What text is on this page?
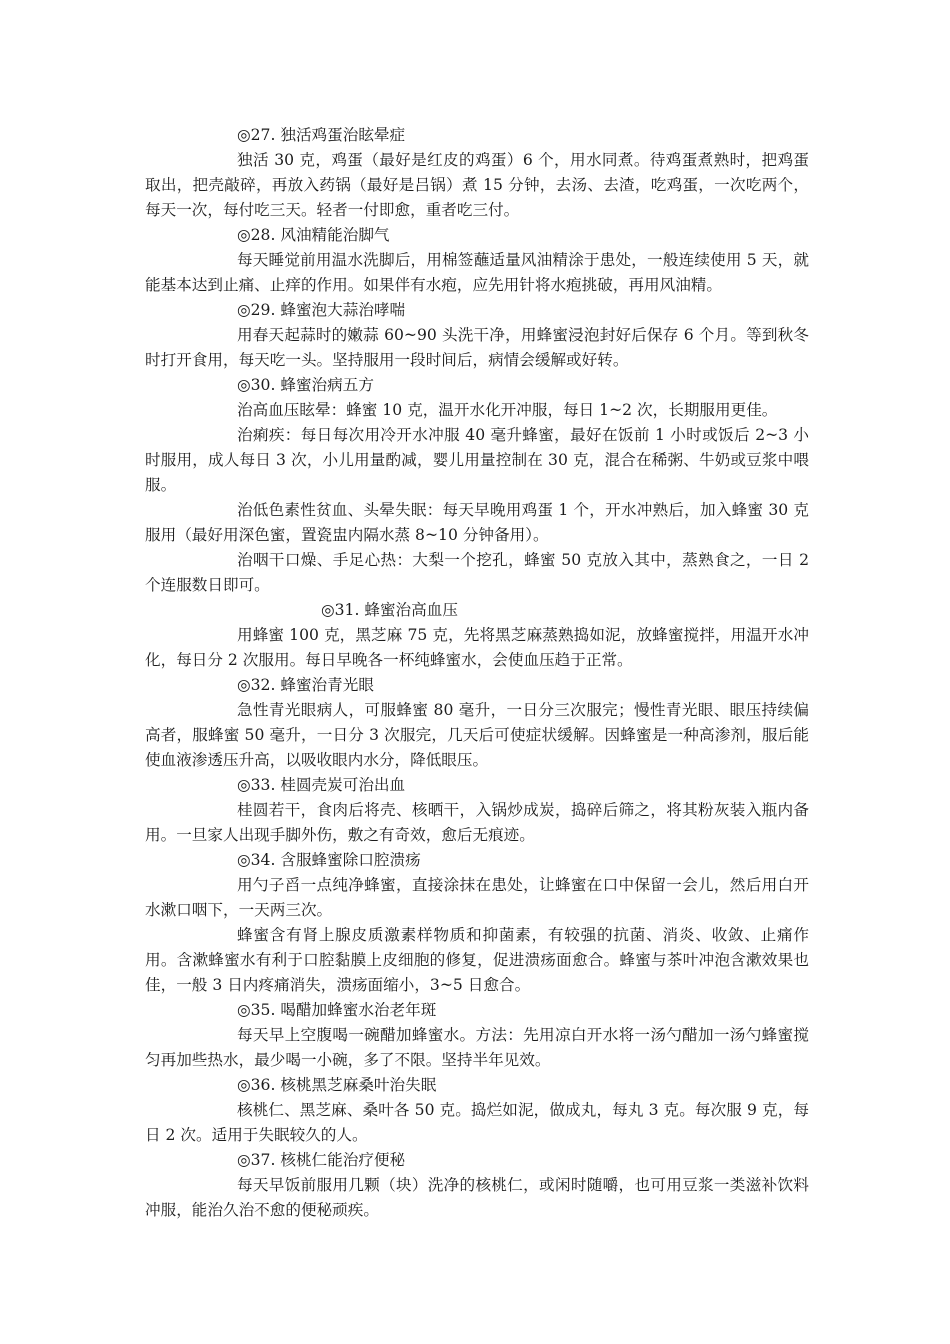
◎27. 独活鸡蛋治眩晕症

独活 30 克，鸡蛋（最好是红皮的鸡蛋）6 个，用水同煮。待鸡蛋煮熟时，把鸡蛋取出，把壳敲碎，再放入药锅（最好是吕锅）煮 15 分钟，去汤、去渣，吃鸡蛋，一次吃两个，每天一次，每付吃三天。轻者一付即愈，重者吃三付。

◎28. 风油精能治脚气

每天睡觉前用温水洗脚后，用棉签蘸适量风油精涂于患处，一般连续使用 5 天，就能基本达到止痛、止痒的作用。如果伴有水疱，应先用针将水疱挑破，再用风油精。

◎29. 蜂蜜泡大蒜治哮喘

用春天起蒜时的嫩蒜 60~90 头洗干净，用蜂蜜浸泡封好后保存 6 个月。等到秋冬时打开食用，每天吃一头。坚持服用一段时间后，病情会缓解或好转。

◎30. 蜂蜜治病五方

治高血压眩晕：蜂蜜 10 克，温开水化开冲服，每日 1~2 次，长期服用更佳。

治痢疾：每日每次用冷开水冲服 40 毫升蜂蜜，最好在饭前 1 小时或饭后 2~3 小时服用，成人每日 3 次，小儿用量酌减，婴儿用量控制在 30 克，混合在稀粥、牛奶或豆浆中喂服。

治低色素性贫血、头晕失眠：每天早晚用鸡蛋 1 个，开水冲熟后，加入蜂蜜 30 克服用（最好用深色蜜，置瓷盅内隔水蒸 8~10 分钟备用）。

治咽干口燥、手足心热：大梨一个挖孔，蜂蜜 50 克放入其中，蒸熟食之，一日 2 个连服数日即可。

◎31. 蜂蜜治高血压

用蜂蜜 100 克，黑芝麻 75 克，先将黑芝麻蒸熟捣如泥，放蜂蜜搅拌，用温开水冲化，每日分 2 次服用。每日早晚各一杯纯蜂蜜水，会使血压趋于正常。

◎32. 蜂蜜治青光眼

急性青光眼病人，可服蜂蜜 80 毫升，一日分三次服完；慢性青光眼、眼压持续偏高者，服蜂蜜 50 毫升，一日分 3 次服完，几天后可使症状缓解。因蜂蜜是一种高渗剂，服后能使血液渗透压升高，以吸收眼内水分，降低眼压。

◎33. 桂圆壳炭可治出血

桂圆若干，食肉后将壳、核晒干，入锅炒成炭，捣碎后筛之，将其粉灰装入瓶内备用。一旦家人出现手脚外伤，敷之有奇效，愈后无痕迹。

◎34. 含服蜂蜜除口腔溃疡

用勺子舀一点纯净蜂蜜，直接涂抹在患处，让蜂蜜在口中保留一会儿，然后用白开水漱口咽下，一天两三次。

蜂蜜含有肾上腺皮质激素样物质和抑菌素，有较强的抗菌、消炎、收敛、止痛作用。含漱蜂蜜水有利于口腔黏膜上皮细胞的修复，促进溃疡面愈合。蜂蜜与茶叶冲泡含漱效果也佳，一般 3 日内疼痛消失，溃疡面缩小，3~5 日愈合。

◎35. 喝醋加蜂蜜水治老年斑

每天早上空腹喝一碗醋加蜂蜜水。方法：先用凉白开水将一汤勺醋加一汤勺蜂蜜搅匀再加些热水，最少喝一小碗，多了不限。坚持半年见效。

◎36. 核桃黑芝麻桑叶治失眠

核桃仁、黑芝麻、桑叶各 50 克。捣烂如泥，做成丸，每丸 3 克。每次服 9 克，每日 2 次。适用于失眠较久的人。

◎37. 核桃仁能治疗便秘

每天早饭前服用几颗（块）洗净的核桃仁，或闲时随嚼，也可用豆浆一类滋补饮料冲服，能治久治不愈的便秘顽疾。
